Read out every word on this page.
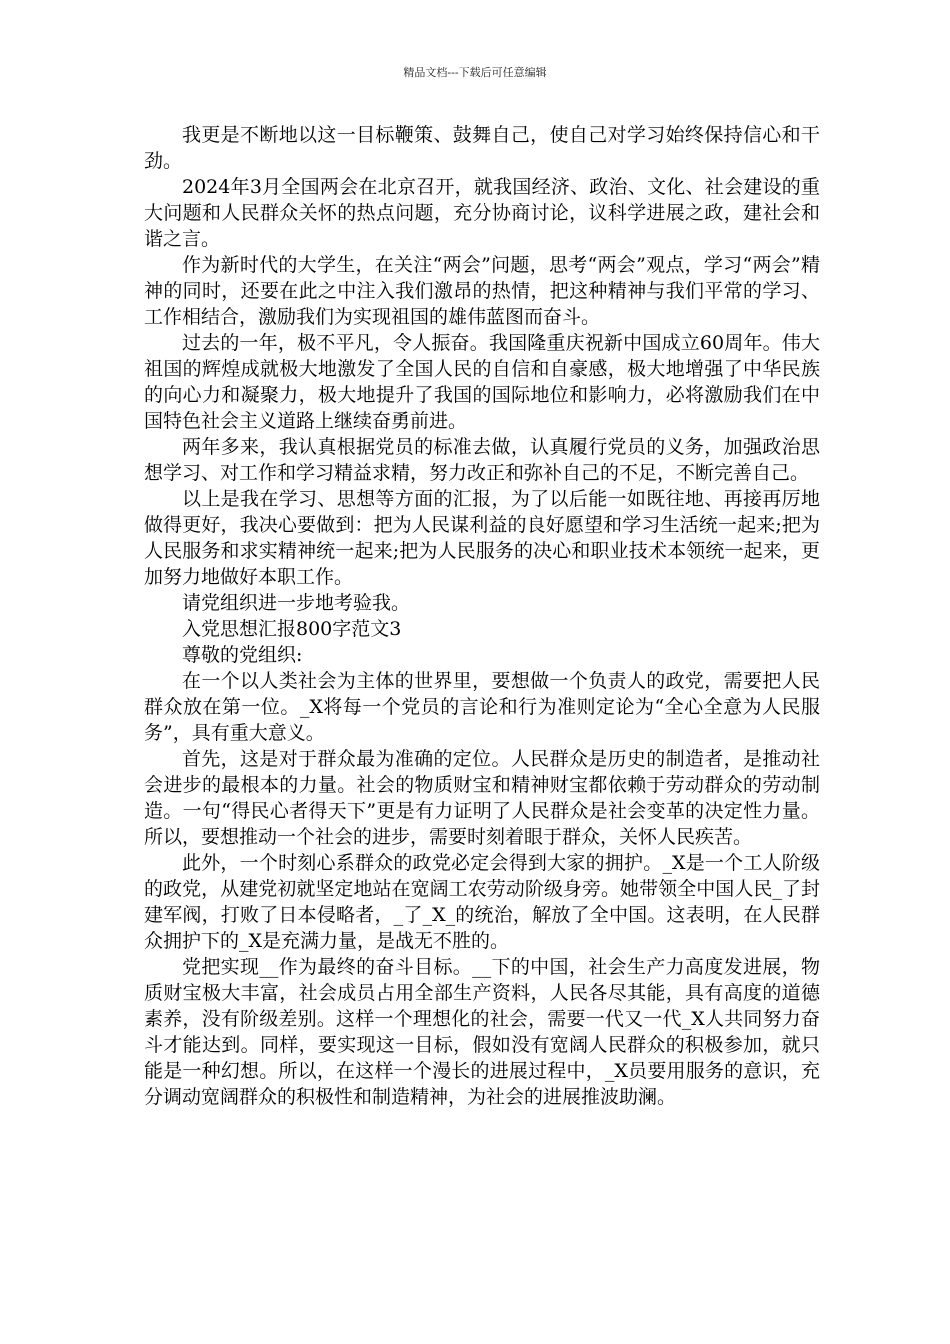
精品文档---下载后可任意编辑

我更是不断地以这一目标鞭策、鼓舞自己，使自己对学习始终保持信心和干劲。

2024年3月全国两会在北京召开，就我国经济、政治、文化、社会建设的重大问题和人民群众关怀的热点问题，充分协商讨论，议科学进展之政，建社会和谐之言。

作为新时代的大学生，在关注“两会”问题，思考“两会”观点，学习“两会”精神的同时，还要在此之中注入我们激昂的热情，把这种精神与我们平常的学习、工作相结合，激励我们为实现祖国的雄伟蓝图而奋斗。

过去的一年，极不平凡，令人振奋。我国隆重庆祝新中国成立60周年。伟大祖国的辉煌成就极大地激发了全国人民的自信和自豪感，极大地增强了中华民族的向心力和凝聚力，极大地提升了我国的国际地位和影响力，必将激励我们在中国特色社会主义道路上继续奋勇前进。

两年多来，我认真根据党员的标准去做，认真履行党员的义务，加强政治思想学习、对工作和学习精益求精，努力改正和弥补自己的不足，不断完善自己。

以上是我在学习、思想等方面的汇报，为了以后能一如既往地、再接再厉地做得更好，我决心要做到：把为人民谋利益的良好愿望和学习生活统一起来;把为人民服务和求实精神统一起来;把为人民服务的决心和职业技术本领统一起来，更加努力地做好本职工作。

请党组织进一步地考验我。

入党思想汇报800字范文3

尊敬的党组织:

在一个以人类社会为主体的世界里，要想做一个负责人的政党，需要把人民群众放在第一位。_X将每一个党员的言论和行为准则定论为“全心全意为人民服务”，具有重大意义。

首先，这是对于群众最为准确的定位。人民群众是历史的制造者，是推动社会进步的最根本的力量。社会的物质财宝和精神财宝都依赖于劳动群众的劳动制造。一句“得民心者得天下”更是有力证明了人民群众是社会变革的决定性力量。所以，要想推动一个社会的进步，需要时刻着眼于群众，关怀人民疾苦。

此外，一个时刻心系群众的政党必定会得到大家的拥护。_X是一个工人阶级的政党，从建党初就坚定地站在宽阔工农劳动阶级身旁。她带领全中国人民_了封建军阀，打败了日本侵略者，_了_X_的统治，解放了全中国。这表明，在人民群众拥护下的_X是充满力量，是战无不胜的。

党把实现__作为最终的奋斗目标。__下的中国，社会生产力高度发进展，物质财宝极大丰富，社会成员占用全部生产资料，人民各尽其能，具有高度的道德素养，没有阶级差别。这样一个理想化的社会，需要一代又一代_X人共同努力奋斗才能达到。同样，要实现这一目标，假如没有宽阔人民群众的积极参加，就只能是一种幻想。所以，在这样一个漫长的进展过程中，_X员要用服务的意识，充分调动宽阔群众的积极性和制造精神，为社会的进展推波助澜。
